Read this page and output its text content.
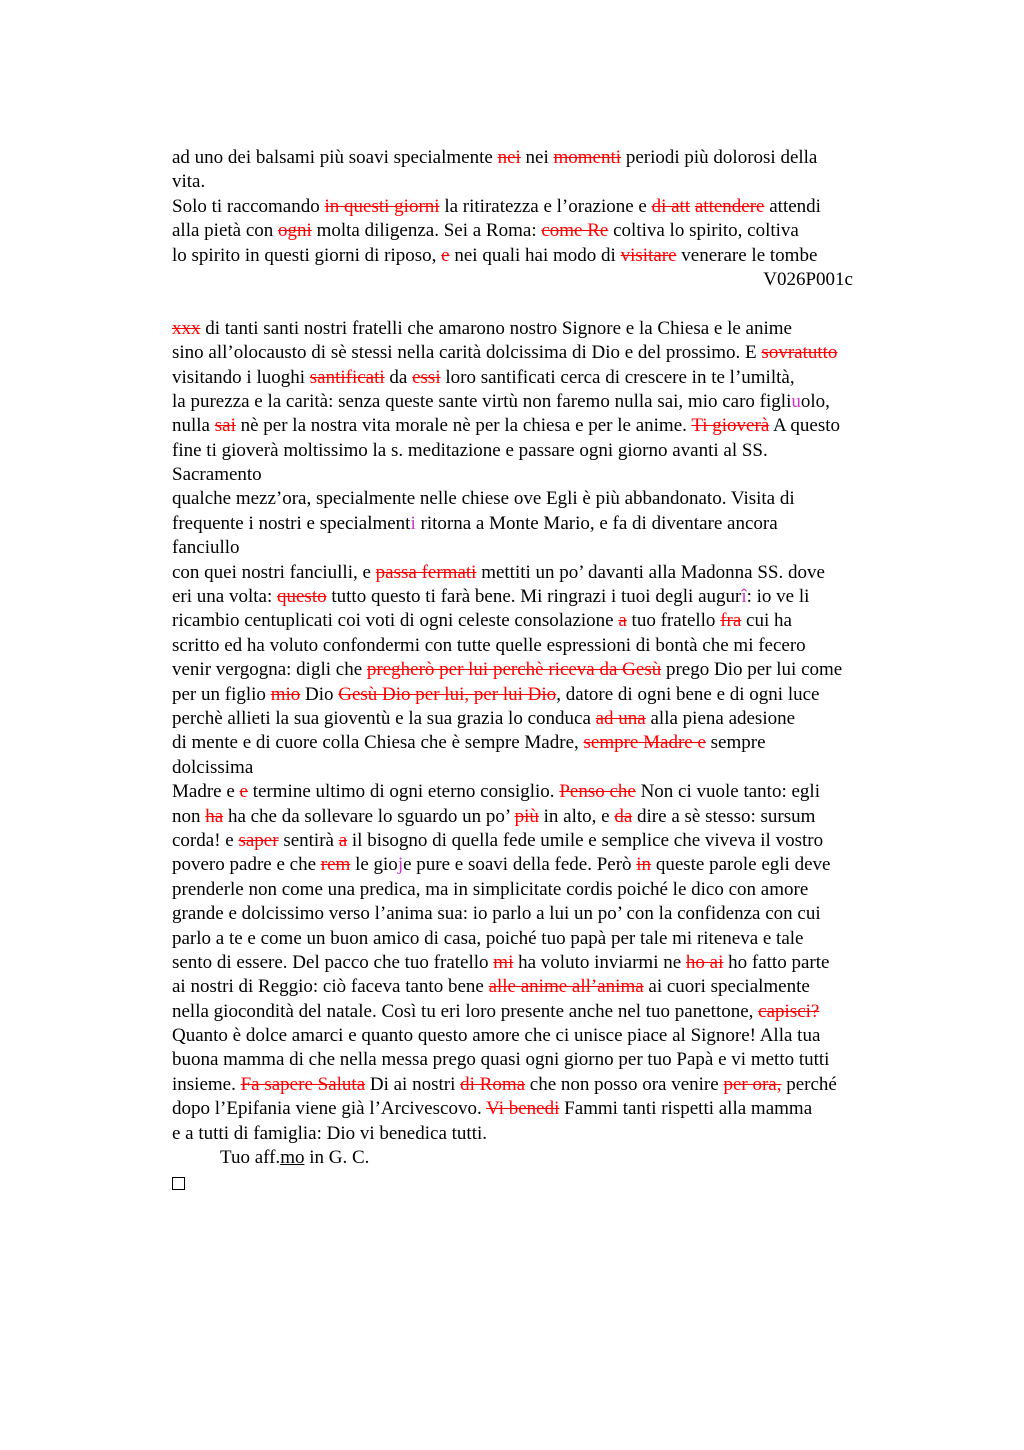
ad uno dei balsami più soavi specialmente nei nei momenti periodi più dolorosi della
vita.
Solo ti raccomando in questi giorni la ritiratezza e l’orazione e di att attendere attendi
alla pietà con ogni molta diligenza. Sei a Roma: come Re coltiva lo spirito, coltiva
lo spirito in questi giorni di riposo, e nei quali hai modo di visitare venerare le tombe
V026P001c
xxx di tanti santi nostri fratelli che amarono nostro Signore e la Chiesa e le anime
sino all’olocausto di sè stessi nella carità dolcissima di Dio e del prossimo. E sovratutto
visitando i luoghi santificati da essi loro santificati cerca di crescere in te l’umiltà,
la purezza e la carità: senza queste sante virtù non faremo nulla sai, mio caro figliuolo,
nulla sai nè per la nostra vita morale nè per la chiesa e per le anime. Ti gioverà A questo
fine ti gioverà moltissimo la s. meditazione e passare ogni giorno avanti al SS.
Sacramento
qualche mezz’ora, specialmente nelle chiese ove Egli è più abbandonato. Visita di
frequente i nostri e specialmenti ritorna a Monte Mario, e fa di diventare ancora
fanciullo
con quei nostri fanciulli, e passa fermati mettiti un po’ davanti alla Madonna SS. dove
eri una volta: questo tutto questo ti farà bene. Mi ringrazi i tuoi degli augurî: io ve li
ricambio centuplicati coi voti di ogni celeste consolazione a tuo fratello fra cui ha
scritto ed ha voluto confondermi con tutte quelle espressioni di bontà che mi fecero
venir vergogna: digli che pregherò per lui perchè riceva da Gesù prego Dio per lui come
per un figlio mio Dio Gesù Dio per lui, per lui Dio, datore di ogni bene e di ogni luce
perchè allieti la sua gioventù e la sua grazia lo conduca ad una alla piena adesione
di mente e di cuore colla Chiesa che è sempre Madre, sempre Madre e sempre
dolcissima
Madre e e termine ultimo di ogni eterno consiglio. Penso che Non ci vuole tanto: egli
non ha ha che da sollevare lo sguardo un po’ più in alto, e da dire a sè stesso: sursum
corda! e saper sentirà a il bisogno di quella fede umile e semplice che viveva il vostro
povero padre e che rem le gioje pure e soavi della fede. Però in queste parole egli deve
prenderle non come una predica, ma in simplicitate cordis poiché le dico con amore
grande e dolcissimo verso l’anima sua: io parlo a lui un po’ con la confidenza con cui
parlo a te e come un buon amico di casa, poiché tuo papà per tale mi riteneva e tale
sento di essere. Del pacco che tuo fratello mi ha voluto inviarmi ne ho ai ho fatto parte
ai nostri di Reggio: ciò faceva tanto bene alle anime all’anima ai cuori specialmente
nella giocondità del natale. Così tu eri loro presente anche nel tuo panettone, capisci?
Quanto è dolce amarci e quanto questo amore che ci unisce piace al Signore! Alla tua
buona mamma di che nella messa prego quasi ogni giorno per tuo Papà e vi metto tutti
insieme. Fa sapere Saluta Di ai nostri di Roma che non posso ora venire per ora, perché
dopo l’Epifania viene già l’Arcivescovo. Vi benedi Fammi tanti rispetti alla mamma
e a tutti di famiglia: Dio vi benedica tutti.
Tuo aff.mo in G. C.
